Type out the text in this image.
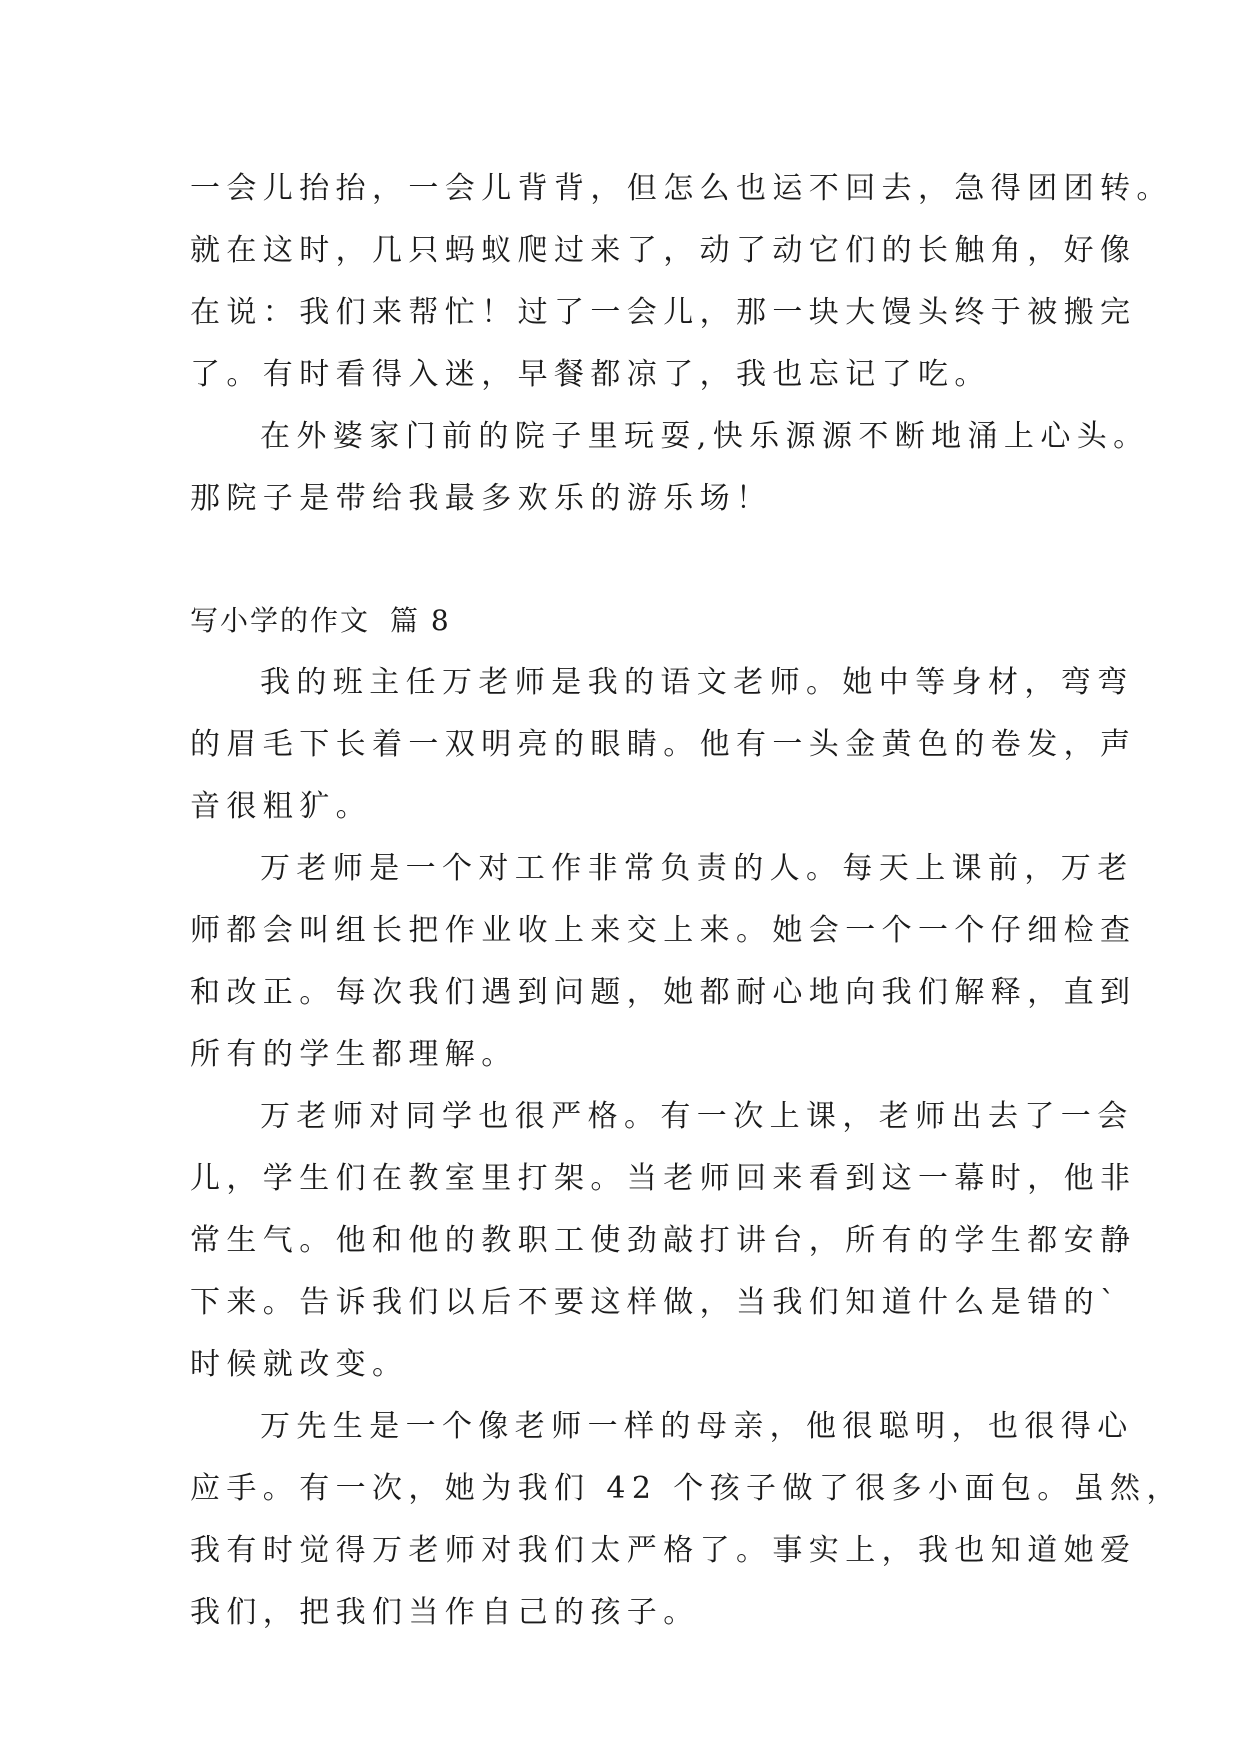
一会儿抬抬，一会儿背背，但怎么也运不回去，急得团团转。
就在这时，几只蚂蚁爬过来了，动了动它们的长触角，好像
在说：我们来帮忙！过了一会儿，那一块大馒头终于被搬完
了。有时看得入迷，早餐都凉了，我也忘记了吃。
在外婆家门前的院子里玩耍,快乐源源不断地涌上心头。
那院子是带给我最多欢乐的游乐场！
写小学的作文 篇 8
我的班主任万老师是我的语文老师。她中等身材，弯弯
的眉毛下长着一双明亮的眼睛。他有一头金黄色的卷发，声
音很粗犷。
万老师是一个对工作非常负责的人。每天上课前，万老
师都会叫组长把作业收上来交上来。她会一个一个仔细检查
和改正。每次我们遇到问题，她都耐心地向我们解释，直到
所有的学生都理解。
万老师对同学也很严格。有一次上课，老师出去了一会
儿，学生们在教室里打架。当老师回来看到这一幕时，他非
常生气。他和他的教职工使劲敲打讲台，所有的学生都安静
下来。告诉我们以后不要这样做，当我们知道什么是错的`
时候就改变。
万先生是一个像老师一样的母亲，他很聪明，也很得心
应手。有一次，她为我们 42 个孩子做了很多小面包。虽然，
我有时觉得万老师对我们太严格了。事实上，我也知道她爱
我们，把我们当作自己的孩子。
